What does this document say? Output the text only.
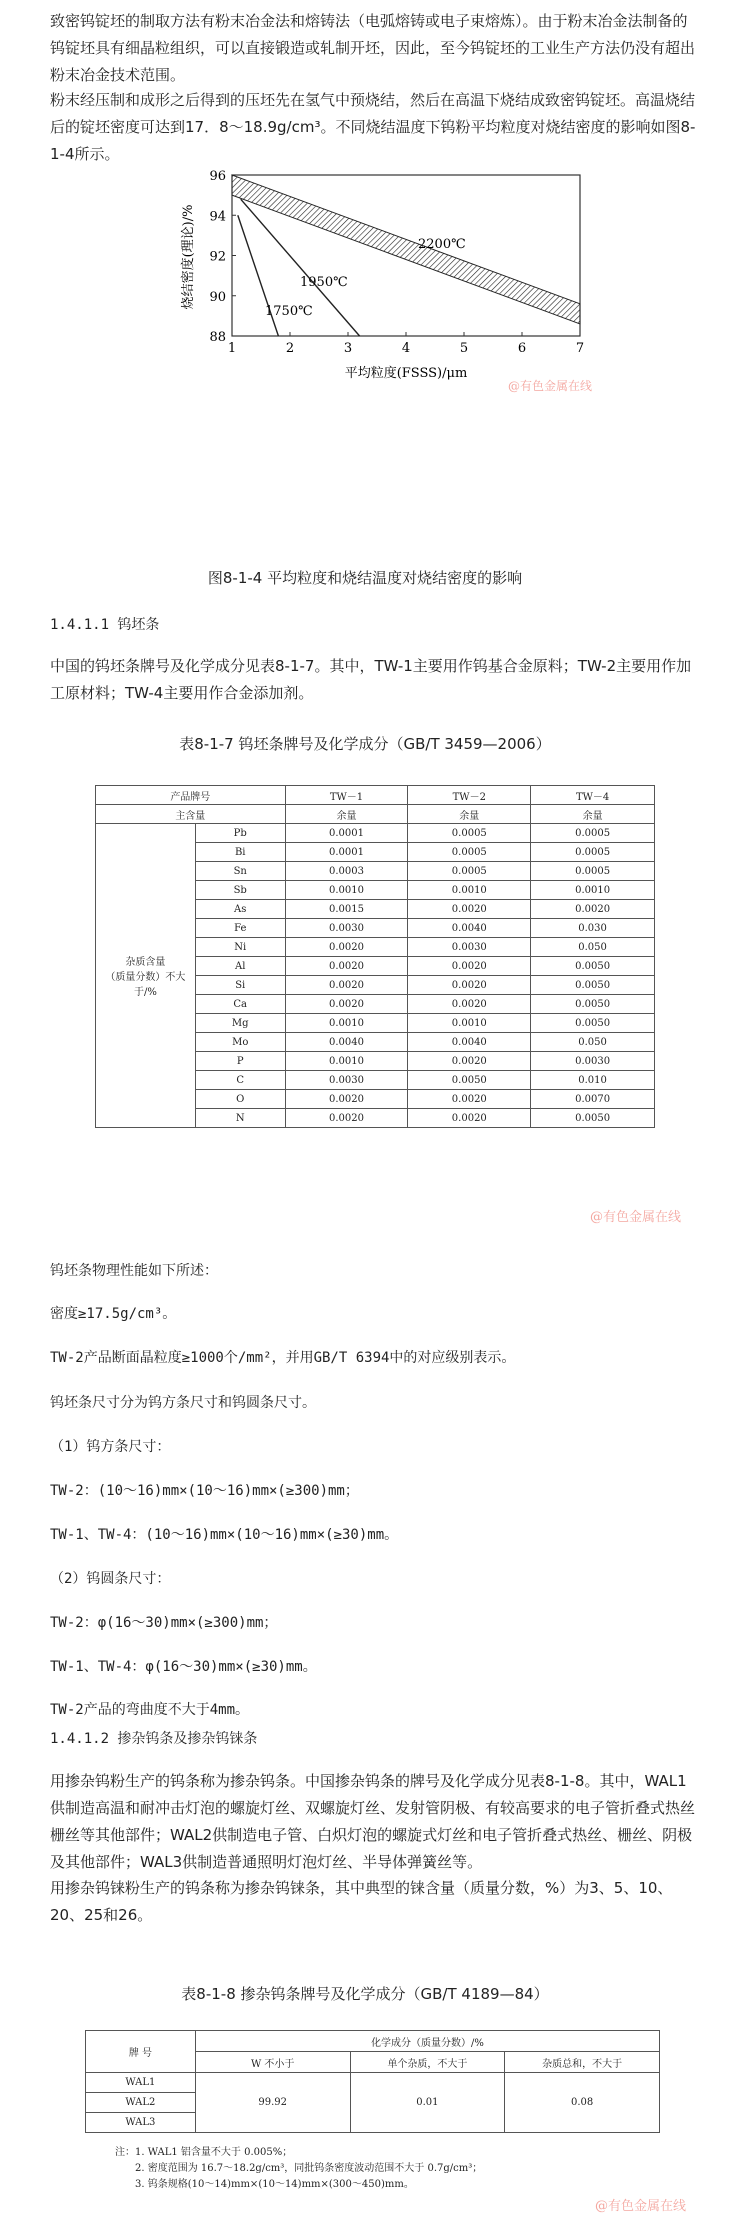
致密钨锭坯的制取方法有粉末冶金法和熔铸法（电弧熔铸或电子束熔炼）。由于粉末冶金法制备的钨锭坯具有细晶粒组织，可以直接锻造或轧制开坯，因此，至今钨锭坯的工业生产方法仍没有超出粉末冶金技术范围。

粉末经压制和成形之后得到的压坯先在氢气中预烧结，然后在高温下烧结成致密钨锭坯。高温烧结后的锭坯密度可达到17．8～18.9g/cm³。不同烧结温度下钨粉平均粒度对烧结密度的影响如图8-1-4所示。

1	2	3	4	5	6	7
96
94
92
90
88
2200℃
1950℃
1750℃
烧结密度(理论)/%
平均粒度(FSSS)/μm
@有色金属在线
图8-1-4 平均粒度和烧结温度对烧结密度的影响

1.4.1.1 钨坯条

中国的钨坯条牌号及化学成分见表8-1-7。其中，TW-1主要用作钨基合金原料；TW-2主要用作加工原材料；TW-4主要用作合金添加剂。

表8-1-7 钨坯条牌号及化学成分（GB/T 3459—2006）
产品牌号		TW－1	TW－2	TW－4
主含量		余量	余量	余量

杂质含量
（质量分数）不大于/%	Pb	0.0001	0.0005	0.0005
	Bi	0.0001	0.0005	0.0005
	Sn	0.0003	0.0005	0.0005
	Sb	0.0010	0.0010	0.0010
	As	0.0015	0.0020	0.0020
	Fe	0.0030	0.0040	0.030
	Ni	0.0020	0.0030	0.050
	Al	0.0020	0.0020	0.0050
	Si	0.0020	0.0020	0.0050
	Ca	0.0020	0.0020	0.0050
	Mg	0.0010	0.0010	0.0050
	Mo	0.0040	0.0040	0.050
	P	0.0010	0.0020	0.0030
	C	0.0030	0.0050	0.010
	O	0.0020	0.0020	0.0070
	N	0.0020	0.0020	0.0050
@有色金属在线

钨坯条物理性能如下所述：

密度≥17.5g/cm³。

TW-2产品断面晶粒度≥1000个/mm²，并用GB/T 6394中的对应级别表示。

钨坯条尺寸分为钨方条尺寸和钨圆条尺寸。

（1）钨方条尺寸：

TW-2：(10～16)mm×(10～16)mm×(≥300)mm；

TW-1、TW-4：(10～16)mm×(10～16)mm×(≥30)mm。

（2）钨圆条尺寸：

TW-2：φ(16～30)mm×(≥300)mm；

TW-1、TW-4：φ(16～30)mm×(≥30)mm。

TW-2产品的弯曲度不大于4mm。

1.4.1.2 掺杂钨条及掺杂钨铼条

用掺杂钨粉生产的钨条称为掺杂钨条。中国掺杂钨条的牌号及化学成分见表8-1-8。其中，WAL1供制造高温和耐冲击灯泡的螺旋灯丝、双螺旋灯丝、发射管阴极、有较高要求的电子管折叠式热丝栅丝等其他部件；WAL2供制造电子管、白炽灯泡的螺旋式灯丝和电子管折叠式热丝、栅丝、阴极及其他部件；WAL3供制造普通照明灯泡灯丝、半导体弹簧丝等。

用掺杂钨铼粉生产的钨条称为掺杂钨铼条，其中典型的铼含量（质量分数，%）为3、5、10、20、25和26。

表8-1-8 掺杂钨条牌号及化学成分（GB/T 4189—84）
牌 号	化学成分（质量分数）/%		
	W 不小于	单个杂质，不大于	杂质总和，不大于
WAL1	99.92	0.01	0.08
WAL2			
WAL3			
注：1. WAL1 铝含量不大于 0.005%；
2. 密度范围为 16.7～18.2g/cm³，同批钨条密度波动范围不大于 0.7g/cm³；
3. 钨条规格(10～14)mm×(10～14)mm×(300～450)mm。
@有色金属在线
